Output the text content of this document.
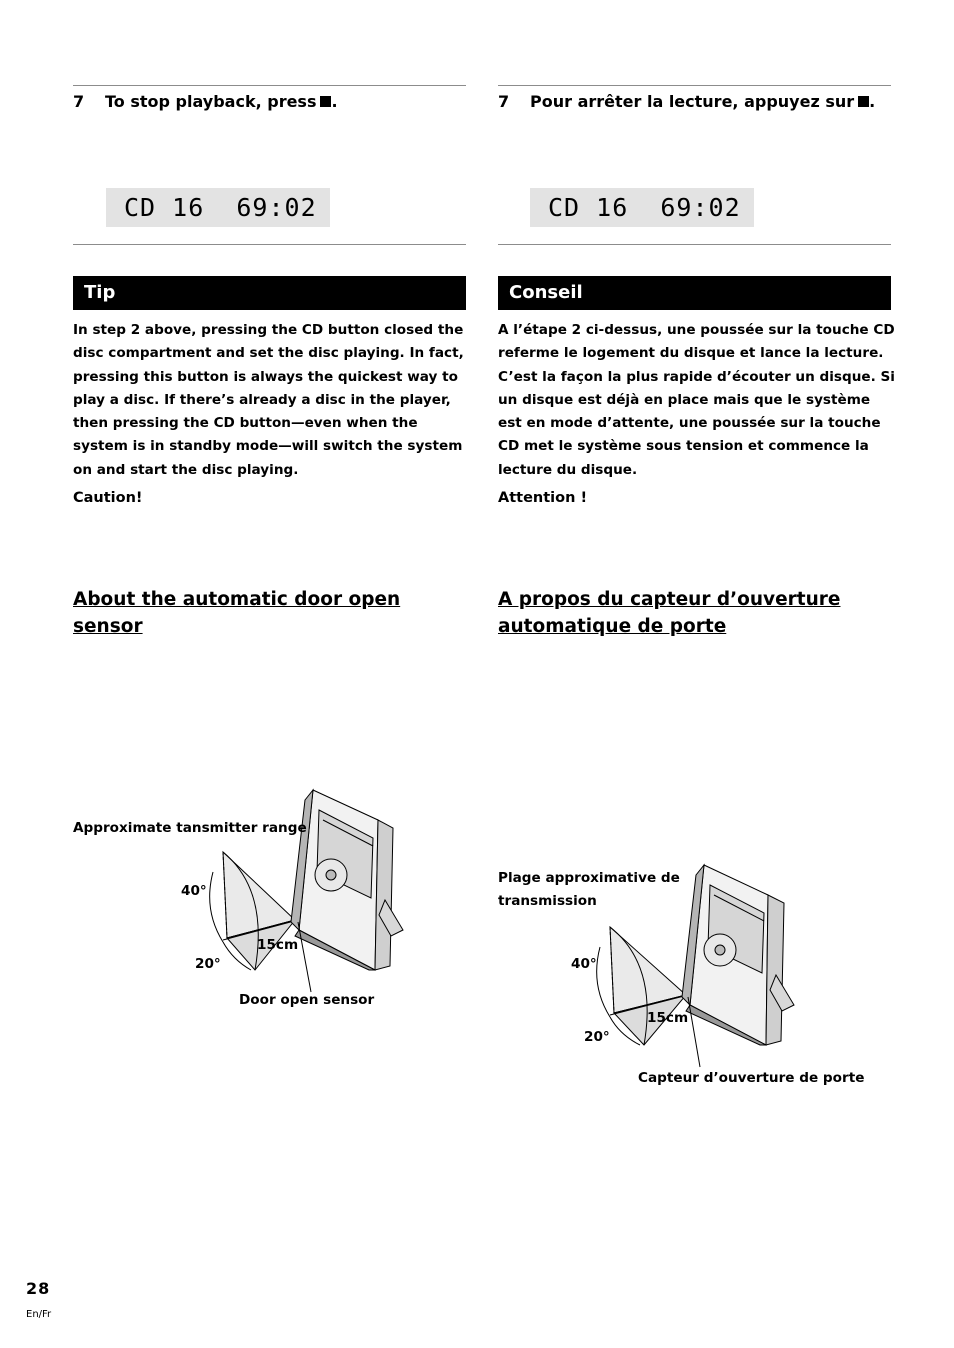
7 To stop playback, press .
CD 16  69:02
Tip
In step 2 above, pressing the CD button closed the disc compartment and set the disc playing. In fact, pressing this button is always the quickest way to play a disc. If there’s already a disc in the player, then pressing the CD button—even when the system is in standby mode—will switch the system on and start the disc playing.
Caution!
About the automatic door open sensor
Approximate tansmitter range
40°
20°
15cm
Door open sensor
7 Pour arrêter la lecture, appuyez sur .
CD 16  69:02
Conseil
A l’étape 2 ci-dessus, une poussée sur la touche CD referme le logement du disque et lance la lecture. C’est la façon la plus rapide d’écouter un disque. Si un disque est déjà en place mais que le système est en mode d’attente, une poussée sur la touche CD met le système sous tension et commence la lecture du disque.
Attention !
A propos du capteur d’ouverture automatique de porte
Plage approximative de transmission
40°
20°
15cm
Capteur d’ouverture de porte
28
En/Fr
